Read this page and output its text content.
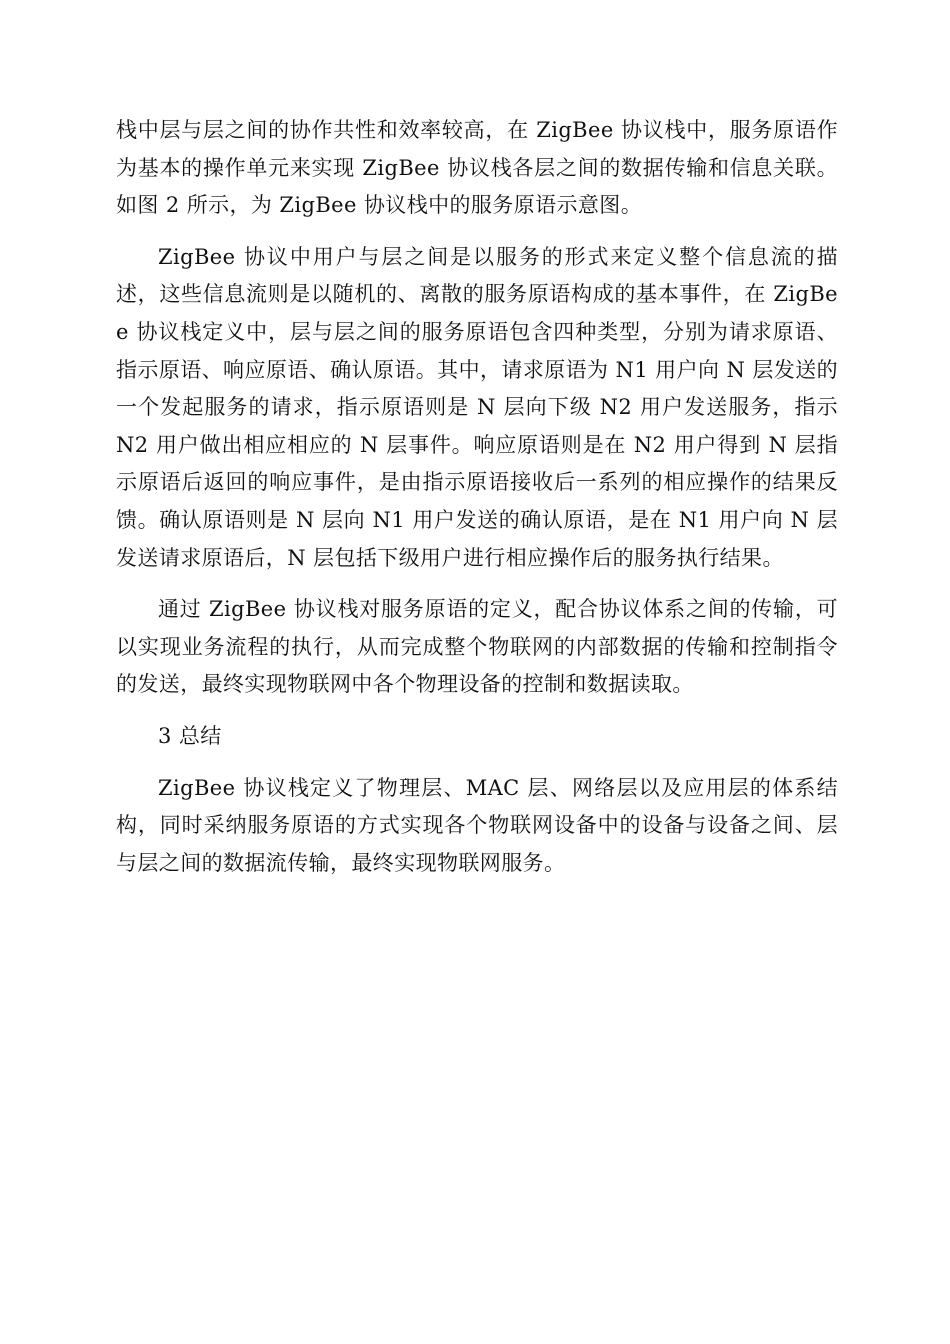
栈中层与层之间的协作共性和效率较高，在 ZigBee 协议栈中，服务原语作为基本的操作单元来实现 ZigBee 协议栈各层之间的数据传输和信息关联。如图 2 所示，为 ZigBee 协议栈中的服务原语示意图。

ZigBee 协议中用户与层之间是以服务的形式来定义整个信息流的描述，这些信息流则是以随机的、离散的服务原语构成的基本事件，在 ZigBee 协议栈定义中，层与层之间的服务原语包含四种类型，分别为请求原语、指示原语、响应原语、确认原语。其中，请求原语为 N1 用户向 N 层发送的一个发起服务的请求，指示原语则是 N 层向下级 N2 用户发送服务，指示 N2 用户做出相应相应的 N 层事件。响应原语则是在 N2 用户得到 N 层指示原语后返回的响应事件，是由指示原语接收后一系列的相应操作的结果反馈。确认原语则是 N 层向 N1 用户发送的确认原语，是在 N1 用户向 N 层发送请求原语后，N 层包括下级用户进行相应操作后的服务执行结果。

通过 ZigBee 协议栈对服务原语的定义，配合协议体系之间的传输，可以实现业务流程的执行，从而完成整个物联网的内部数据的传输和控制指令的发送，最终实现物联网中各个物理设备的控制和数据读取。

3 总结

ZigBee 协议栈定义了物理层、MAC 层、网络层以及应用层的体系结构，同时采纳服务原语的方式实现各个物联网设备中的设备与设备之间、层与层之间的数据流传输，最终实现物联网服务。
